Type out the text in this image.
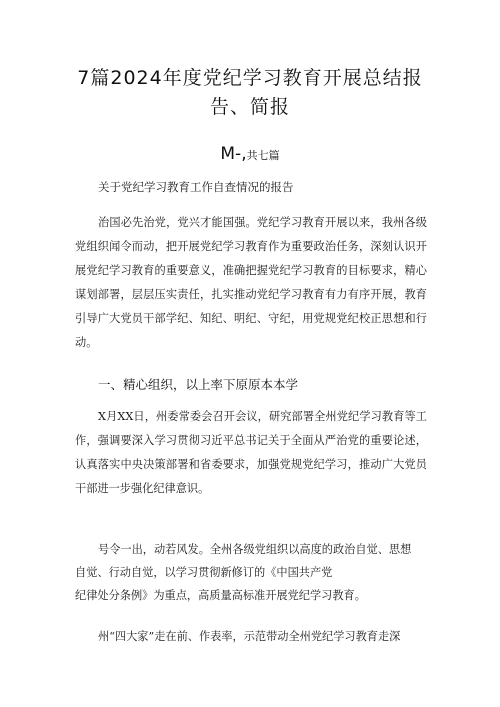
7篇2024年度党纪学习教育开展总结报
告、简报
M-,共七篇
关于党纪学习教育工作自查情况的报告

治国必先治党，党兴才能国强。党纪学习教育开展以来，我州各级党组织闻令而动，把开展党纪学习教育作为重要政治任务，深刻认识开展党纪学习教育的重要意义，准确把握党纪学习教育的目标要求，精心谋划部署，层层压实责任，扎实推动党纪学习教育有力有序开展，教育引导广大党员干部学纪、知纪、明纪、守纪，用党规党纪校正思想和行动。

一、精心组织，以上率下原原本本学

X月XX日，州委常委会召开会议，研究部署全州党纪学习教育等工作，强调要深入学习贯彻习近平总书记关于全面从严治党的重要论述，认真落实中央决策部署和省委要求，加强党规党纪学习，推动广大党员干部进一步强化纪律意识。

号令一出，动若风发。全州各级党组织以高度的政治自觉、思想
自觉、行动自觉，以学习贯彻新修订的《中国共产党
纪律处分条例》为重点，高质量高标准开展党纪学习教育。
州“四大家”走在前、作表率，示范带动全州党纪学习教育走深
